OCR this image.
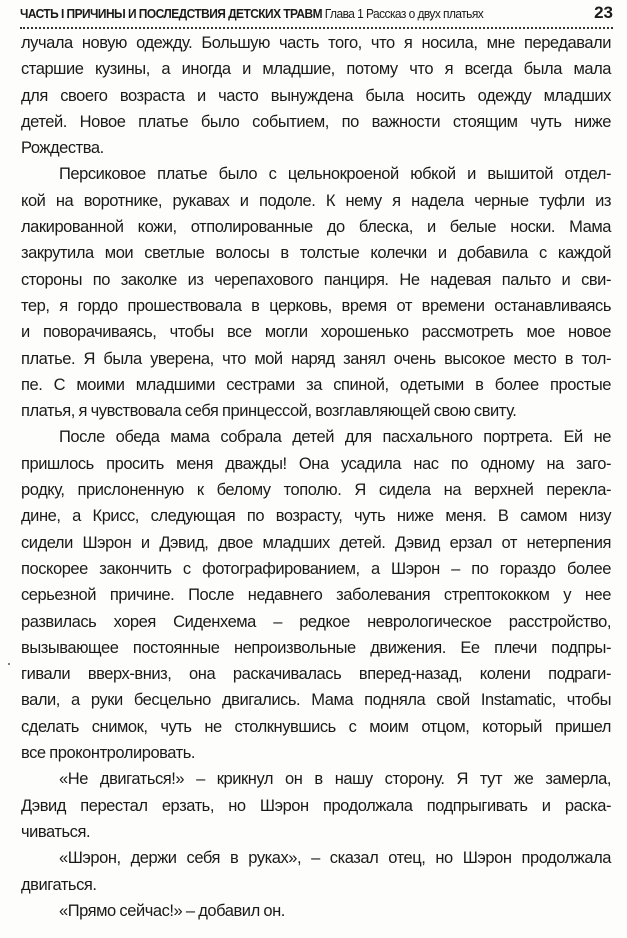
ЧАСТЬ I ПРИЧИНЫ И ПОСЛЕДСТВИЯ ДЕТСКИХ ТРАВМ Глава 1 Рассказ о двух платьях	23
лучала новую одежду. Большую часть того, что я носила, мне передавали
старшие кузины, а иногда и младшие, потому что я всегда была мала
для своего возраста и часто вынуждена была носить одежду младших
детей. Новое платье было событием, по важности стоящим чуть ниже
Рождества.
Персиковое платье было с цельнокроеной юбкой и вышитой отдел-
кой на воротнике, рукавах и подоле. К нему я надела черные туфли из
лакированной кожи, отполированные до блеска, и белые носки. Мама
закрутила мои светлые волосы в толстые колечки и добавила с каждой
стороны по заколке из черепахового панциря. Не надевая пальто и сви-
тер, я гордо прошествовала в церковь, время от времени останавливаясь
и поворачиваясь, чтобы все могли хорошенько рассмотреть мое новое
платье. Я была уверена, что мой наряд занял очень высокое место в тол-
пе. С моими младшими сестрами за спиной, одетыми в более простые
платья, я чувствовала себя принцессой, возглавляющей свою свиту.
После обеда мама собрала детей для пасхального портрета. Ей не
пришлось просить меня дважды! Она усадила нас по одному на заго-
родку, прислоненную к белому тополю. Я сидела на верхней перекла-
дине, а Крисс, следующая по возрасту, чуть ниже меня. В самом низу
сидели Шэрон и Дэвид, двое младших детей. Дэвид ерзал от нетерпения
поскорее закончить с фотографированием, а Шэрон – по гораздо более
серьезной причине. После недавнего заболевания стрептококком у нее
развилась хорея Сиденхема – редкое неврологическое расстройство,
вызывающее постоянные непроизвольные движения. Ее плечи подпры-
гивали вверх-вниз, она раскачивалась вперед-назад, колени подраги-
вали, а руки бесцельно двигались. Мама подняла свой Instamatic, чтобы
сделать снимок, чуть не столкнувшись с моим отцом, который пришел
все проконтролировать.
«Не двигаться!» – крикнул он в нашу сторону. Я тут же замерла,
Дэвид перестал ерзать, но Шэрон продолжала подпрыгивать и раска-
чиваться.
«Шэрон, держи себя в руках», – сказал отец, но Шэрон продолжала
двигаться.
«Прямо сейчас!» – добавил он.
